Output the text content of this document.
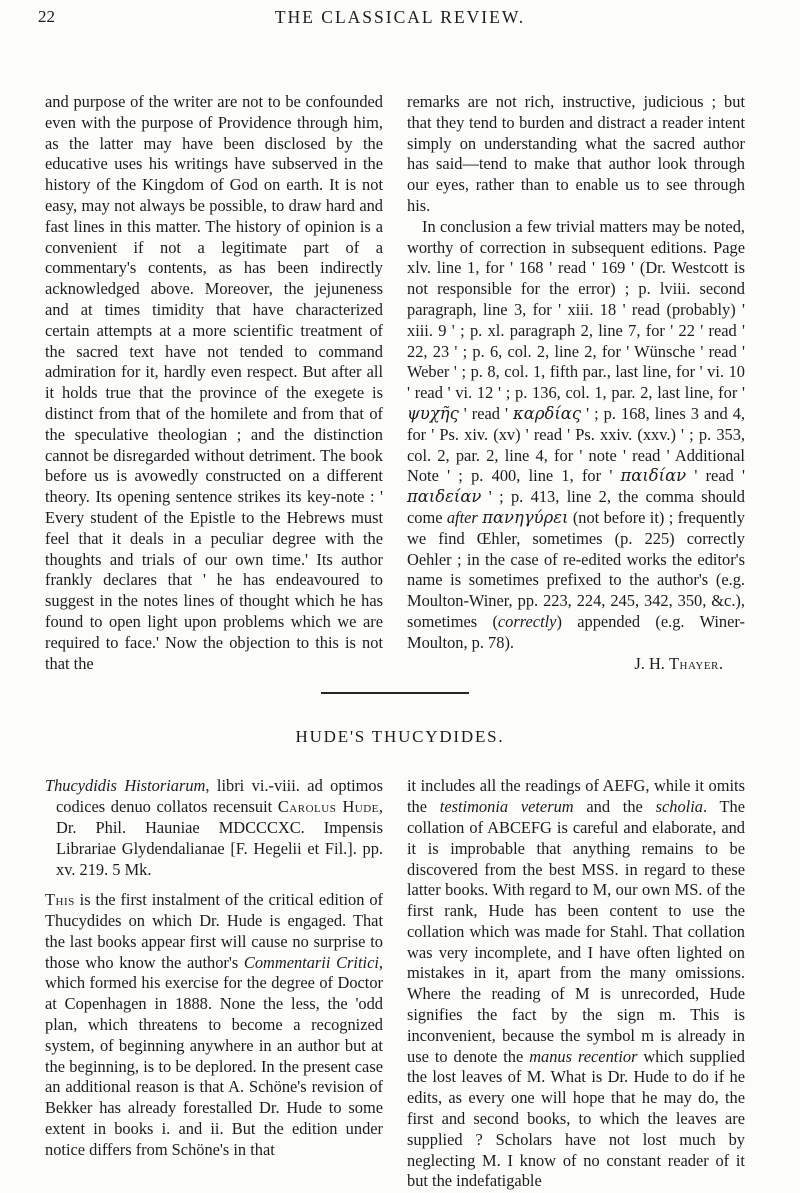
22	THE CLASSICAL REVIEW.

and purpose of the writer are not to be confounded even with the purpose of Providence through him, as the latter may have been disclosed by the educative uses his writings have subserved in the history of the Kingdom of God on earth. It is not easy, may not always be possible, to draw hard and fast lines in this matter. The history of opinion is a convenient if not a legitimate part of a commentary's contents, as has been indirectly acknowledged above. Moreover, the jejuneness and at times timidity that have characterized certain attempts at a more scientific treatment of the sacred text have not tended to command admiration for it, hardly even respect. But after all it holds true that the province of the exegete is distinct from that of the homilete and from that of the speculative theologian ; and the distinction cannot be disregarded without detriment. The book before us is avowedly constructed on a different theory. Its opening sentence strikes its key-note : ' Every student of the Epistle to the Hebrews must feel that it deals in a peculiar degree with the thoughts and trials of our own time.' Its author frankly declares that ' he has endeavoured to suggest in the notes lines of thought which he has found to open light upon problems which we are required to face.' Now the objection to this is not that the

remarks are not rich, instructive, judicious ; but that they tend to burden and distract a reader intent simply on understanding what the sacred author has said—tend to make that author look through our eyes, rather than to enable us to see through his.

In conclusion a few trivial matters may be noted, worthy of correction in subsequent editions. Page xlv. line 1, for ' 168 ' read ' 169 ' (Dr. Westcott is not responsible for the error) ; p. lviii. second paragraph, line 3, for ' xiii. 18 ' read (probably) ' xiii. 9 ' ; p. xl. paragraph 2, line 7, for ' 22 ' read ' 22, 23 ' ; p. 6, col. 2, line 2, for ' Wünsche ' read ' Weber ' ; p. 8, col. 1, fifth par., last line, for ' vi. 10 ' read ' vi. 12 ' ; p. 136, col. 1, par. 2, last line, for ' ψυχῆς ' read ' καρδίας ' ; p. 168, lines 3 and 4, for ' Ps. xiv. (xv) ' read ' Ps. xxiv. (xxv.) ' ; p. 353, col. 2, par. 2, line 4, for ' note ' read ' Additional Note ' ; p. 400, line 1, for ' παιδίαν ' read ' παιδείαν ' ; p. 413, line 2, the comma should come after πανηγύρει (not before it) ; frequently we find Œhler, sometimes (p. 225) correctly Oehler ; in the case of re-edited works the editor's name is sometimes prefixed to the author's (e.g. Moulton-Winer, pp. 223, 224, 245, 342, 350, &c.), sometimes (correctly) appended (e.g. Winer-Moulton, p. 78).

J. H. Thayer.

HUDE'S THUCYDIDES.

Thucydidis Historiarum, libri vi.-viii. ad optimos codices denuo collatos recensuit Carolus Hude, Dr. Phil. Hauniae MDCCCXC. Impensis Librariae Glydendalianae [F. Hegelii et Fil.]. pp. xv. 219. 5 Mk.

This is the first instalment of the critical edition of Thucydides on which Dr. Hude is engaged. That the last books appear first will cause no surprise to those who know the author's Commentarii Critici, which formed his exercise for the degree of Doctor at Copenhagen in 1888. None the less, the 'odd plan, which threatens to become a recognized system, of beginning anywhere in an author but at the beginning, is to be deplored. In the present case an additional reason is that A. Schöne's revision of Bekker has already forestalled Dr. Hude to some extent in books i. and ii. But the edition under notice differs from Schöne's in that

it includes all the readings of AEFG, while it omits the testimonia veterum and the scholia. The collation of ABCEFG is careful and elaborate, and it is improbable that anything remains to be discovered from the best MSS. in regard to these latter books. With regard to M, our own MS. of the first rank, Hude has been content to use the collation which was made for Stahl. That collation was very incomplete, and I have often lighted on mistakes in it, apart from the many omissions. Where the reading of M is unrecorded, Hude signifies the fact by the sign m. This is inconvenient, because the symbol m is already in use to denote the manus recentior which supplied the lost leaves of M. What is Dr. Hude to do if he edits, as every one will hope that he may do, the first and second books, to which the leaves are supplied ? Scholars have not lost much by neglecting M. I know of no constant reader of it but the indefatigable
